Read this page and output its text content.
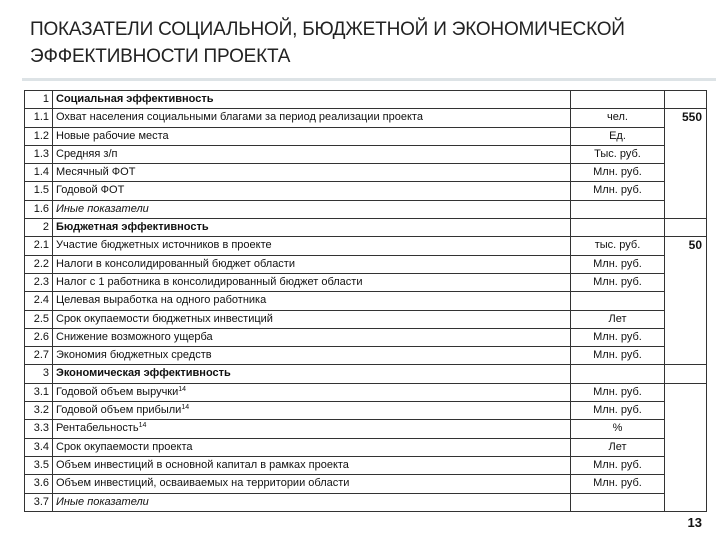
ПОКАЗАТЕЛИ СОЦИАЛЬНОЙ, БЮДЖЕТНОЙ И ЭКОНОМИЧЕСКОЙ
ЭФФЕКТИВНОСТИ ПРОЕКТА
1	Социальная эффективность		
1.1	Охват населения социальными благами за период реализации проекта	чел.	550
1.2	Новые рабочие места	Ед.	
1.3	Средняя з/п	Тыс. руб.	
1.4	Месячный ФОТ	Млн. руб.	
1.5	Годовой ФОТ	Млн. руб.	
1.6	Иные показатели		
2	Бюджетная эффективность		
2.1	Участие бюджетных источников в проекте	тыс. руб.	50
2.2	Налоги в консолидированный бюджет области	Млн. руб.	
2.3	Налог с 1 работника в консолидированный бюджет области	Млн. руб.	
2.4	Целевая выработка на одного работника		
2.5	Срок окупаемости бюджетных инвестиций	Лет	
2.6	Снижение возможного ущерба	Млн. руб.	
2.7	Экономия бюджетных средств	Млн. руб.	
3	Экономическая эффективность		
3.1	Годовой объем выручки$^{14}$	Млн. руб.	
3.2	Годовой объем прибыли$^{14}$	Млн. руб.	
3.3	Рентабельность$^{14}$	%	
3.4	Срок окупаемости проекта	Лет	
3.5	Объем инвестиций в основной капитал в рамках проекта	Млн. руб.	
3.6	Объем инвестиций, осваиваемых на территории области	Млн. руб.	
3.7	Иные показатели		
13
